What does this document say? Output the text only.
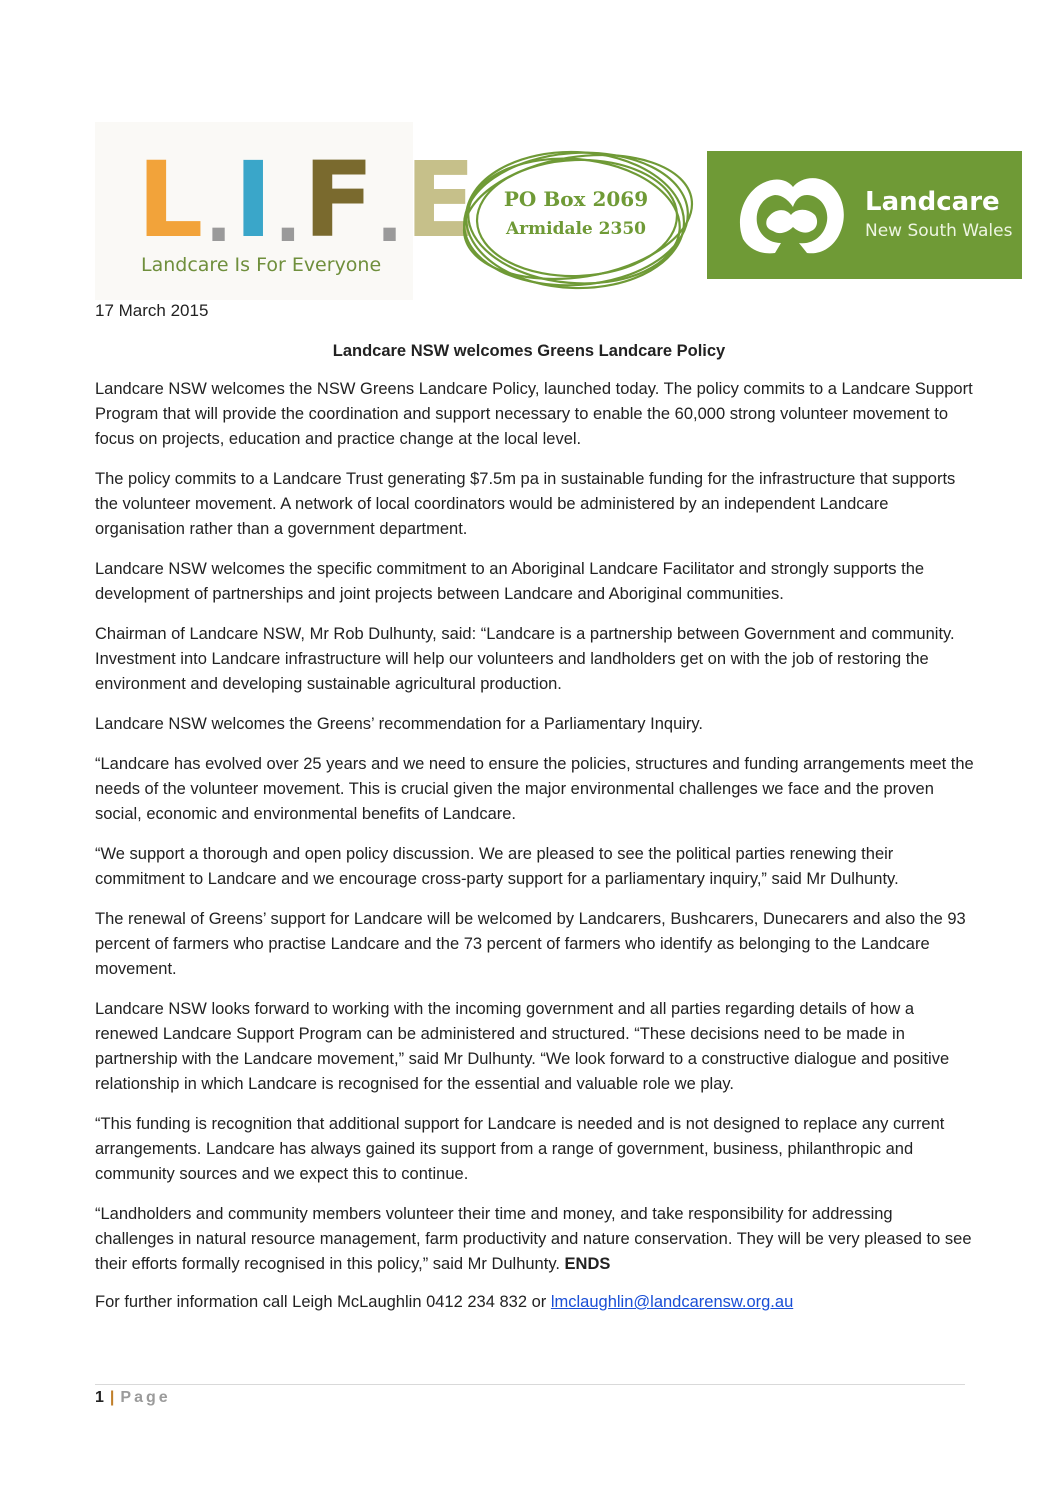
L . I . F . E
Landcare Is For Everyone
PO Box 2069
Armidale 2350
Landcare
New South Wales
17 March 2015
Landcare NSW welcomes Greens Landcare Policy

Landcare NSW welcomes the NSW Greens Landcare Policy, launched today. The policy commits to a Landcare Support Program that will provide the coordination and support necessary to enable the 60,000 strong volunteer movement to focus on projects, education and practice change at the local level.

The policy commits to a Landcare Trust generating $7.5m pa in sustainable funding for the infrastructure that supports the volunteer movement. A network of local coordinators would be administered by an independent Landcare organisation rather than a government department.

Landcare NSW welcomes the specific commitment to an Aboriginal Landcare Facilitator and strongly supports the development of partnerships and joint projects between Landcare and Aboriginal communities.

Chairman of Landcare NSW, Mr Rob Dulhunty, said: “Landcare is a partnership between Government and community. Investment into Landcare infrastructure will help our volunteers and landholders get on with the job of restoring the environment and developing sustainable agricultural production.

Landcare NSW welcomes the Greens’ recommendation for a Parliamentary Inquiry.

“Landcare has evolved over 25 years and we need to ensure the policies, structures and funding arrangements meet the needs of the volunteer movement. This is crucial given the major environmental challenges we face and the proven social, economic and environmental benefits of Landcare.

“We support a thorough and open policy discussion. We are pleased to see the political parties renewing their commitment to Landcare and we encourage cross-party support for a parliamentary inquiry,” said Mr Dulhunty.

The renewal of Greens’ support for Landcare will be welcomed by Landcarers, Bushcarers, Dunecarers and also the 93 percent of farmers who practise Landcare and the 73 percent of farmers who identify as belonging to the Landcare movement.

Landcare NSW looks forward to working with the incoming government and all parties regarding details of how a renewed Landcare Support Program can be administered and structured. “These decisions need to be made in partnership with the Landcare movement,” said Mr Dulhunty. “We look forward to a constructive dialogue and positive relationship in which Landcare is recognised for the essential and valuable role we play.

“This funding is recognition that additional support for Landcare is needed and is not designed to replace any current arrangements. Landcare has always gained its support from a range of government, business, philanthropic and community sources and we expect this to continue.

“Landholders and community members volunteer their time and money, and take responsibility for addressing challenges in natural resource management, farm productivity and nature conservation. They will be very pleased to see their efforts formally recognised in this policy,” said Mr Dulhunty. ENDS

For further information call Leigh McLaughlin 0412 234 832 or lmclaughlin@landcarensw.org.au

1 | Page
